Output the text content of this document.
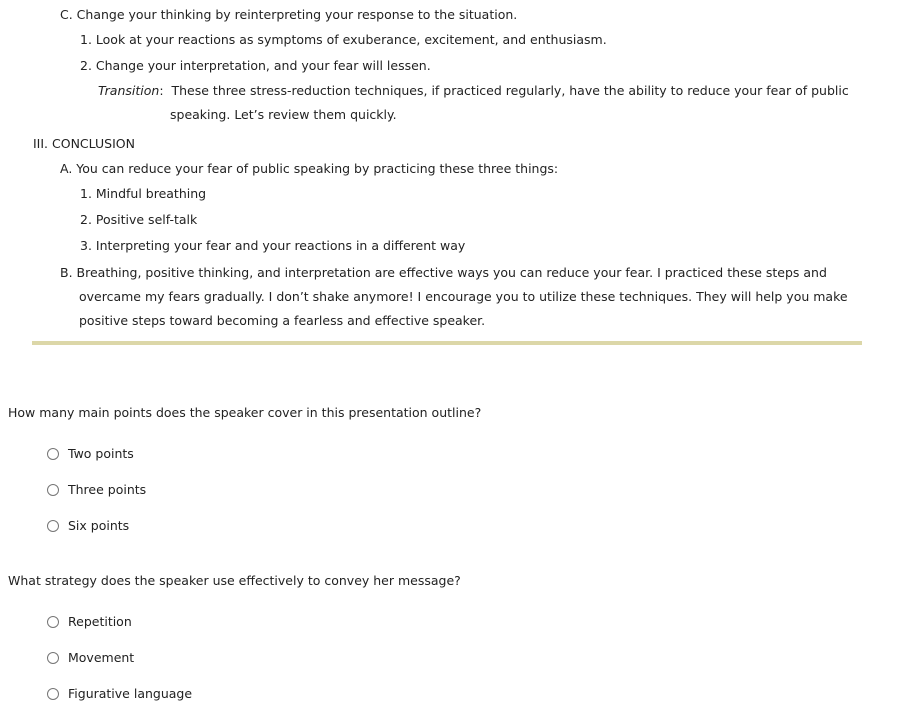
C. Change your thinking by reinterpreting your response to the situation.
1. Look at your reactions as symptoms of exuberance, excitement, and enthusiasm.
2. Change your interpretation, and your fear will lessen.
Transition: These three stress-reduction techniques, if practiced regularly, have the ability to reduce your fear of public
speaking. Let’s review them quickly.
III. CONCLUSION
A. You can reduce your fear of public speaking by practicing these three things:
1. Mindful breathing
2. Positive self-talk
3. Interpreting your fear and your reactions in a different way
B. Breathing, positive thinking, and interpretation are effective ways you can reduce your fear. I practiced these steps and
overcame my fears gradually. I don’t shake anymore! I encourage you to utilize these techniques. They will help you make
positive steps toward becoming a fearless and effective speaker.
How many main points does the speaker cover in this presentation outline?
Two points
Three points
Six points
What strategy does the speaker use effectively to convey her message?
Repetition
Movement
Figurative language
